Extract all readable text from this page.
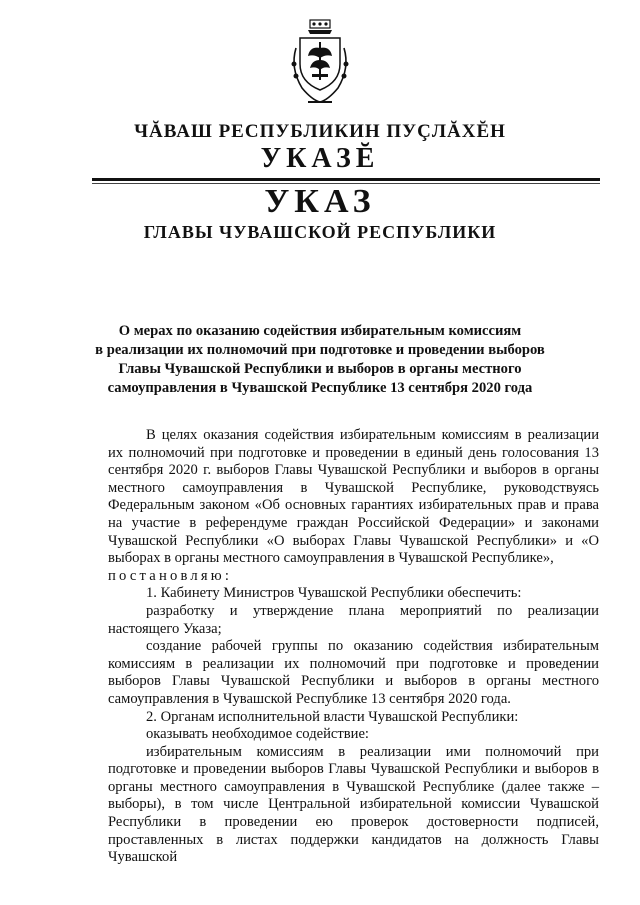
ЧĂВАШ РЕСПУБЛИКИН ПУÇЛĂХĔН
УКАЗĔ
УКАЗ
ГЛАВЫ ЧУВАШСКОЙ РЕСПУБЛИКИ
О мерах по оказанию содействия избирательным комиссиям
в реализации их полномочий при подготовке и проведении выборов
Главы Чувашской Республики и выборов в органы местного
самоуправления в Чувашской Республике 13 сентября 2020 года

В целях оказания содействия избирательным комиссиям в реализации их полномочий при подготовке и проведении в единый день голосования 13 сентября 2020 г. выборов Главы Чувашской Республики и выборов в органы местного самоуправления в Чувашской Республике, руководствуясь Федеральным законом «Об основных гарантиях избирательных прав и права на участие в референдуме граждан Российской Федерации» и законами Чувашской Республики «О выборах Главы Чувашской Республики» и «О выборах в органы местного самоуправления в Чувашской Республике»,

постановляю:

1. Кабинету Министров Чувашской Республики обеспечить:

разработку и утверждение плана мероприятий по реализации настоящего Указа;

создание рабочей группы по оказанию содействия избирательным комиссиям в реализации их полномочий при подготовке и проведении выборов Главы Чувашской Республики и выборов в органы местного самоуправления в Чувашской Республике 13 сентября 2020 года.

2. Органам исполнительной власти Чувашской Республики:

оказывать необходимое содействие:

избирательным комиссиям в реализации ими полномочий при подготовке и проведении выборов Главы Чувашской Республики и выборов в органы местного самоуправления в Чувашской Республике (далее также – выборы), в том числе Центральной избирательной комиссии Чувашской Республики в проведении ею проверок достоверности подписей, проставленных в листах поддержки кандидатов на должность Главы Чувашской
